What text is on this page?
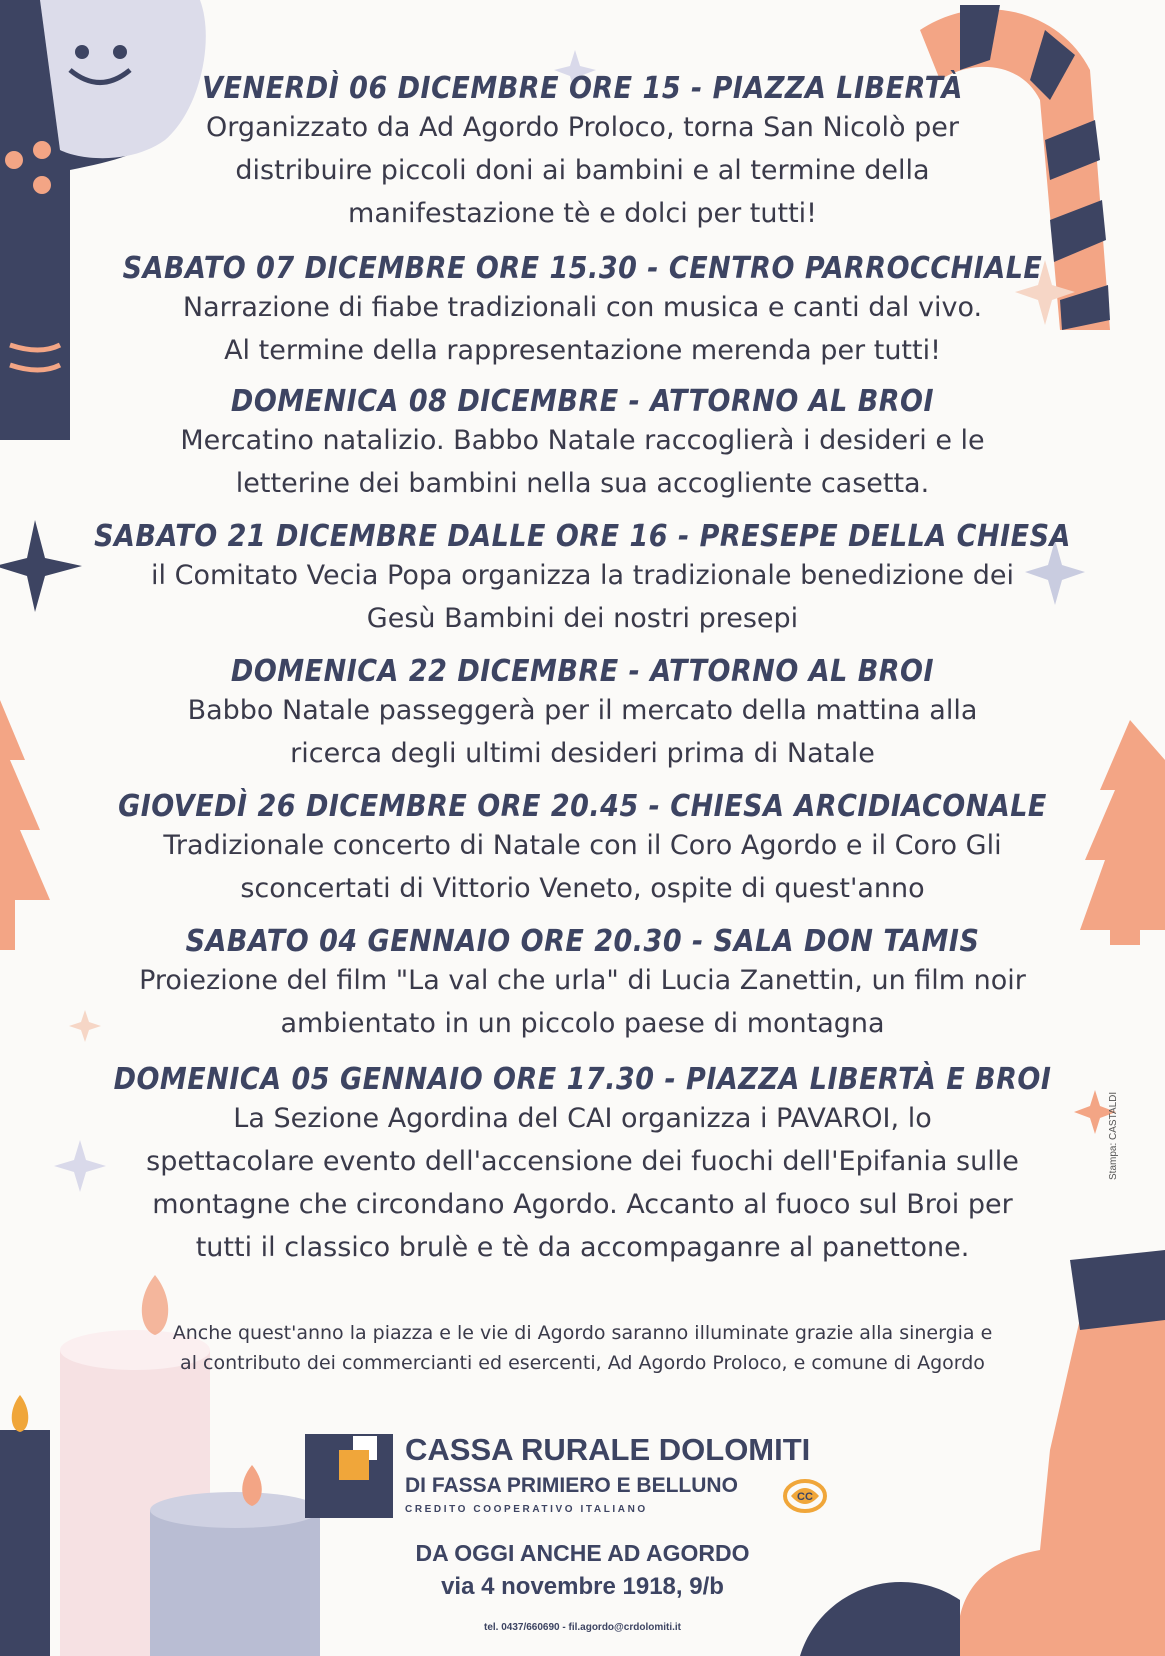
VENERDÌ 06 DICEMBRE ORE 15 - PIAZZA LIBERTÀ
Organizzato da Ad Agordo Proloco, torna San Nicolò per
distribuire piccoli doni ai bambini e al termine della
manifestazione tè e dolci per tutti!
SABATO 07 DICEMBRE ORE 15.30 - CENTRO PARROCCHIALE
Narrazione di fiabe tradizionali con musica e canti dal vivo.
Al termine della rappresentazione merenda per tutti!
DOMENICA 08 DICEMBRE - ATTORNO AL BROI
Mercatino natalizio. Babbo Natale raccoglierà i desideri e le
letterine dei bambini nella sua accogliente casetta.
SABATO 21 DICEMBRE DALLE ORE 16 - PRESEPE DELLA CHIESA
il Comitato Vecia Popa organizza la tradizionale benedizione dei
Gesù Bambini dei nostri presepi
DOMENICA 22 DICEMBRE - ATTORNO AL BROI
Babbo Natale passeggerà per il mercato della mattina alla
ricerca degli ultimi desideri prima di Natale
GIOVEDÌ 26 DICEMBRE ORE 20.45 - CHIESA ARCIDIACONALE
Tradizionale concerto di Natale con il Coro Agordo e il Coro Gli
sconcertati di Vittorio Veneto, ospite di quest'anno
SABATO 04 GENNAIO ORE 20.30 - SALA DON TAMIS
Proiezione del film "La val che urla" di Lucia Zanettin, un film noir
ambientato in un piccolo paese di montagna
DOMENICA 05 GENNAIO ORE 17.30 - PIAZZA LIBERTÀ E BROI
La Sezione Agordina del CAI organizza i PAVAROI, lo
spettacolare evento dell'accensione dei fuochi dell'Epifania sulle
montagne che circondano Agordo. Accanto al fuoco sul Broi per
tutti il classico brulè e tè da accompaganre al panettone.
Anche quest'anno la piazza e le vie di Agordo saranno illuminate grazie alla sinergia e
al contributo dei commercianti ed esercenti, Ad Agordo Proloco, e comune di Agordo
CASSA RURALE DOLOMITI
DI FASSA PRIMIERO E BELLUNO
CREDITO COOPERATIVO ITALIANO
CC
DA OGGI ANCHE AD AGORDO
via 4 novembre 1918, 9/b
tel. 0437/660690 - fil.agordo@crdolomiti.it
Stampa: CASTALDI
